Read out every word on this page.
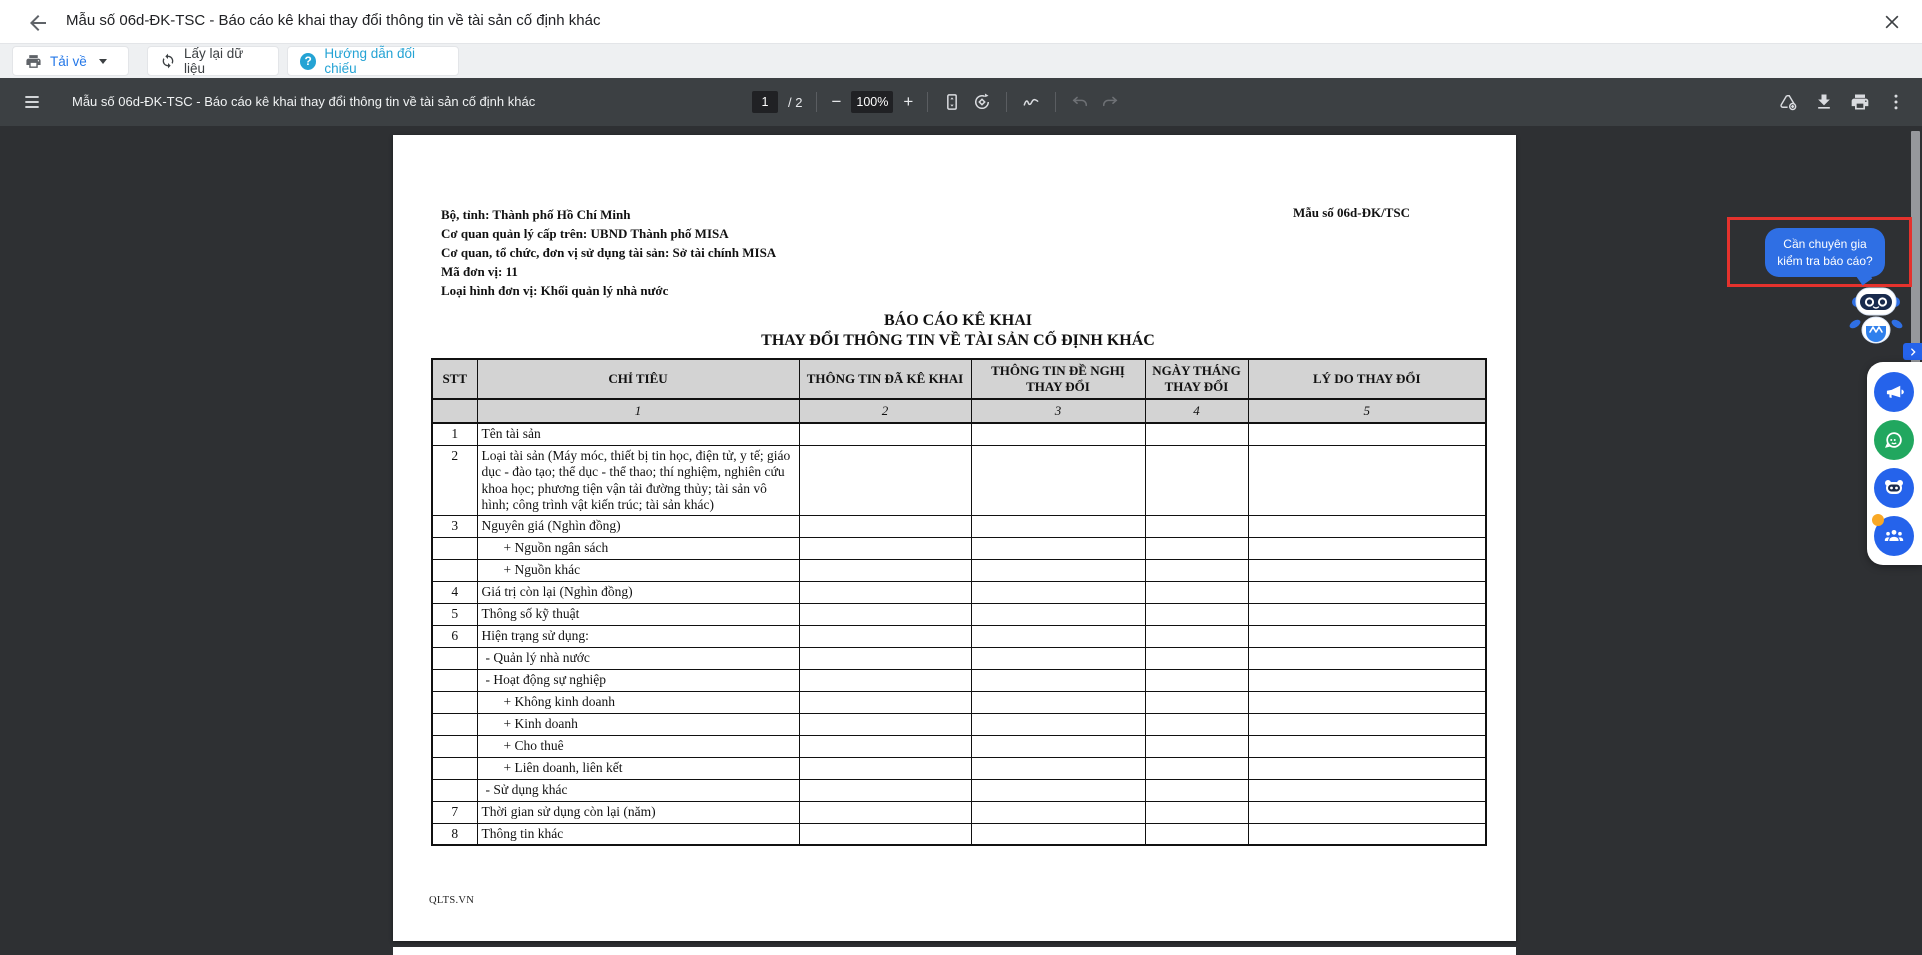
Mẫu số 06d-ĐK-TSC - Báo cáo kê khai thay đổi thông tin về tài sản cố định khác
Tải về	Lấy lại dữ liệu	? Hướng dẫn đối chiếu
Mẫu số 06d-ĐK-TSC - Báo cáo kê khai thay đổi thông tin về tài sản cố định khác	1	/ 2 −	100% +
Bộ, tỉnh: Thành phố Hồ Chí Minh
Cơ quan quản lý cấp trên: UBND Thành phố MISA
Cơ quan, tổ chức, đơn vị sử dụng tài sản: Sở tài chính MISA
Mã đơn vị: 11
Loại hình đơn vị: Khối quản lý nhà nước
Mẫu số 06d-ĐK/TSC
BÁO CÁO KÊ KHAI
THAY ĐỔI THÔNG TIN VỀ TÀI SẢN CỐ ĐỊNH KHÁC
STT	CHỈ TIÊU	THÔNG TIN ĐÃ KÊ KHAI	THÔNG TIN ĐỀ NGHỊ THAY ĐỔI	NGÀY THÁNG THAY ĐỔI	LÝ DO THAY ĐỔI
	1	2	3	4	5
1	Tên tài sản				
2	Loại tài sản (Máy móc, thiết bị tin học, điện tử, y tế; giáo dục - đào tạo; thể dục - thể thao; thí nghiệm, nghiên cứu khoa học; phương tiện vận tải đường thủy; tài sản vô hình; công trình vật kiến trúc; tài sản khác)				
3	Nguyên giá (Nghìn đồng)				
	+ Nguồn ngân sách				
	+ Nguồn khác				
4	Giá trị còn lại (Nghìn đồng)				
5	Thông số kỹ thuật				
6	Hiện trạng sử dụng:				
	- Quản lý nhà nước				
	- Hoạt động sự nghiệp				
	+ Không kinh doanh				
	+ Kinh doanh				
	+ Cho thuê				
	+ Liên doanh, liên kết				
	- Sử dụng khác				
7	Thời gian sử dụng còn lại (năm)				
8	Thông tin khác				
QLTS.VN
Cần chuyên gia
kiểm tra báo cáo?
